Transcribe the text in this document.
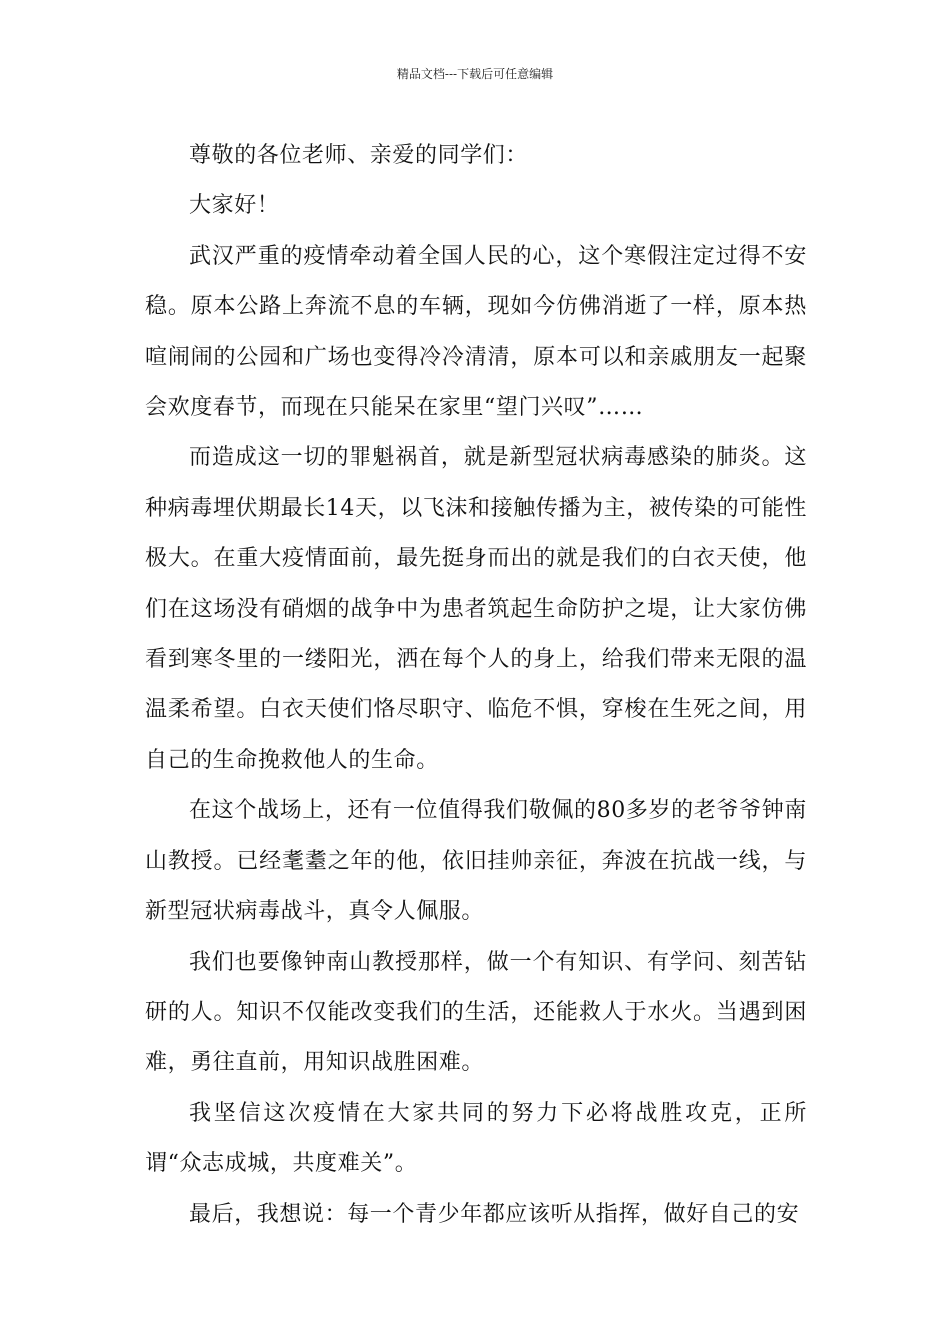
精品文档---下载后可任意编辑

尊敬的各位老师、亲爱的同学们：

大家好！

武汉严重的疫情牵动着全国人民的心，这个寒假注定过得不安稳。原本公路上奔流不息的车辆，现如今仿佛消逝了一样，原本热喧闹闹的公园和广场也变得冷冷清清，原本可以和亲戚朋友一起聚会欢度春节，而现在只能呆在家里“望门兴叹”……

而造成这一切的罪魁祸首，就是新型冠状病毒感染的肺炎。这种病毒埋伏期最长14天，以飞沫和接触传播为主，被传染的可能性极大。在重大疫情面前，最先挺身而出的就是我们的白衣天使，他们在这场没有硝烟的战争中为患者筑起生命防护之堤，让大家仿佛看到寒冬里的一缕阳光，洒在每个人的身上，给我们带来无限的温温柔希望。白衣天使们恪尽职守、临危不惧，穿梭在生死之间，用自己的生命挽救他人的生命。

在这个战场上，还有一位值得我们敬佩的80多岁的老爷爷钟南山教授。已经耄耋之年的他，依旧挂帅亲征，奔波在抗战一线，与新型冠状病毒战斗，真令人佩服。

我们也要像钟南山教授那样，做一个有知识、有学问、刻苦钻研的人。知识不仅能改变我们的生活，还能救人于水火。当遇到困难，勇往直前，用知识战胜困难。

我坚信这次疫情在大家共同的努力下必将战胜攻克，正所谓“众志成城，共度难关”。

最后，我想说：每一个青少年都应该听从指挥，做好自己的安
